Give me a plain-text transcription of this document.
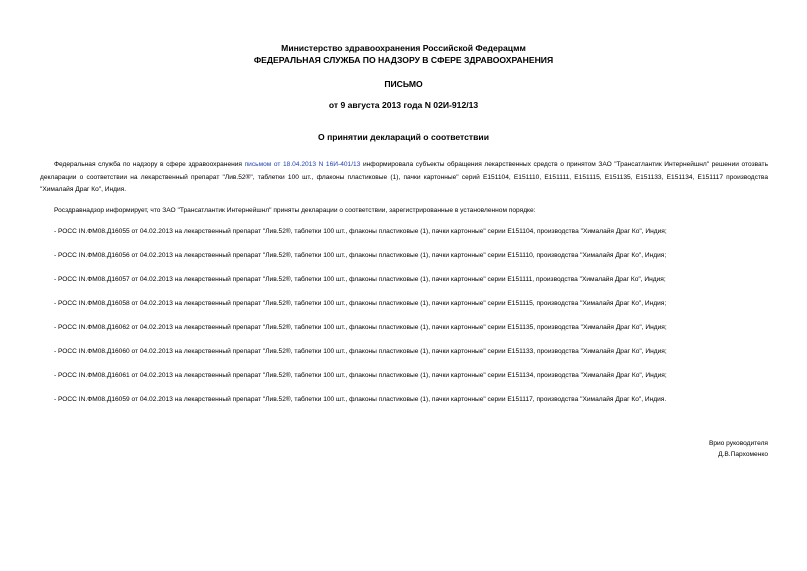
Министерство здравоохранения Российской Федерацмм
ФЕДЕРАЛЬНАЯ СЛУЖБА ПО НАДЗОРУ В СФЕРЕ ЗДРАВООХРАНЕНИЯ
ПИСЬМО
от 9 августа 2013 года N 02И-912/13
О принятии деклараций о соответствии
Федеральная служба по надзору в сфере здравоохранения письмом от 18.04.2013 N 16И-401/13 информировала субъекты обращения лекарственных средств о принятом ЗАО "Трансатлантик Интернейшнл" решении отозвать декларации о соответствии на лекарственный препарат "Лив.52®", таблетки 100 шт., флаконы пластиковые (1), пачки картонные" серий E151104, E151110, E151111, E151115, E151135, E151133, E151134, E151117 производства "Хималайя Драг Ко", Индия.
Росздравнадзор информирует, что ЗАО "Трансатлантик Интернейшнл" приняты декларации о соответствии, зарегистрированные в установленном порядке:
- РОСС IN.ФМ08.Д16055 от 04.02.2013 на лекарственный препарат "Лив.52®, таблетки 100 шт., флаконы пластиковые (1), пачки картонные" серии E151104, производства "Хималайя Драг Ко", Индия;
- РОСС IN.ФМ08.Д16056 от 04.02.2013 на лекарственный препарат "Лив.52®, таблетки 100 шт., флаконы пластиковые (1), пачки картонные" серии E151110, производства "Хималайя Драг Ко", Индия;
- РОСС IN.ФМ08.Д16057 от 04.02.2013 на лекарственный препарат "Лив.52®, таблетки 100 шт., флаконы пластиковые (1), пачки картонные" серии E151111, производства "Хималайя Драг Ко", Индия;
- РОСС IN.ФМ08.Д16058 от 04.02.2013 на лекарственный препарат "Лив.52®, таблетки 100 шт., флаконы пластиковые (1), пачки картонные" серии E151115, производства "Хималайя Драг Ко", Индия;
- РОСС IN.ФМ08.Д16062 от 04.02.2013 на лекарственный препарат "Лив.52®, таблетки 100 шт., флаконы пластиковые (1), пачки картонные" серии E151135, производства "Хималайя Драг Ко", Индия;
- РОСС IN.ФМ08.Д16060 от 04.02.2013 на лекарственный препарат "Лив.52®, таблетки 100 шт., флаконы пластиковые (1), пачки картонные" серии E151133, производства "Хималайя Драг Ко", Индия;
- РОСС IN.ФМ08.Д16061 от 04.02.2013 на лекарственный препарат "Лив.52®, таблетки 100 шт., флаконы пластиковые (1), пачки картонные" серии E151134, производства "Хималайя Драг Ко", Индия;
- РОСС IN.ФМ08.Д16059 от 04.02.2013 на лекарственный препарат "Лив.52®, таблетки 100 шт., флаконы пластиковые (1), пачки картонные" серии E151117, производства "Хималайя Драг Ко", Индия.
Врио руководителя
Д.В.Пархоменко
